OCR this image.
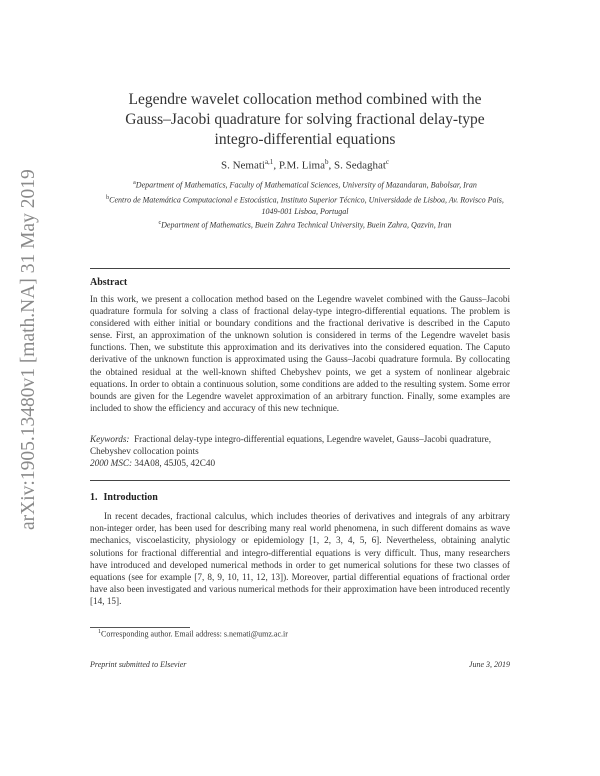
arXiv:1905.13480v1 [math.NA] 31 May 2019
Legendre wavelet collocation method combined with the
Gauss–Jacobi quadrature for solving fractional delay-type
integro-differential equations
S. Nemati$^{a,1}$, P.M. Lima$^b$, S. Sedaghat$^c$
$^a$Department of Mathematics, Faculty of Mathematical Sciences, University of Mazandaran, Babolsar, Iran
$^b$Centro de Matemática Computacional e Estocástica, Instituto Superior Técnico, Universidade de Lisboa, Av. Rovisco Pais, 1049-001 Lisboa, Portugal
$^c$Department of Mathematics, Buein Zahra Technical University, Buein Zahra, Qazvin, Iran
Abstract
In this work, we present a collocation method based on the Legendre wavelet combined with the Gauss–Jacobi quadrature formula for solving a class of fractional delay-type integro-differential equations. The problem is considered with either initial or boundary conditions and the fractional derivative is described in the Caputo sense. First, an approximation of the unknown solution is considered in terms of the Legendre wavelet basis functions. Then, we substitute this approximation and its derivatives into the considered equation. The Caputo derivative of the unknown function is approximated using the Gauss–Jacobi quadrature formula. By collocating the obtained residual at the well-known shifted Chebyshev points, we get a system of nonlinear algebraic equations. In order to obtain a continuous solution, some conditions are added to the resulting system. Some error bounds are given for the Legendre wavelet approximation of an arbitrary function. Finally, some examples are included to show the efficiency and accuracy of this new technique.
Keywords: Fractional delay-type integro-differential equations, Legendre wavelet, Gauss–Jacobi quadrature, Chebyshev collocation points
2000 MSC: 34A08, 45J05, 42C40
1. Introduction
In recent decades, fractional calculus, which includes theories of derivatives and integrals of any arbitrary non-integer order, has been used for describing many real world phenomena, in such different domains as wave mechanics, viscoelasticity, physiology or epidemiology [1, 2, 3, 4, 5, 6]. Nevertheless, obtaining analytic solutions for fractional differential and integro-differential equations is very difficult. Thus, many researchers have introduced and developed numerical methods in order to get numerical solutions for these two classes of equations (see for example [7, 8, 9, 10, 11, 12, 13]). Moreover, partial differential equations of fractional order have also been investigated and various numerical methods for their approximation have been introduced recently [14, 15].
$^1$Corresponding author. Email address: s.nemati@umz.ac.ir
Preprint submitted to Elsevier	June 3, 2019
